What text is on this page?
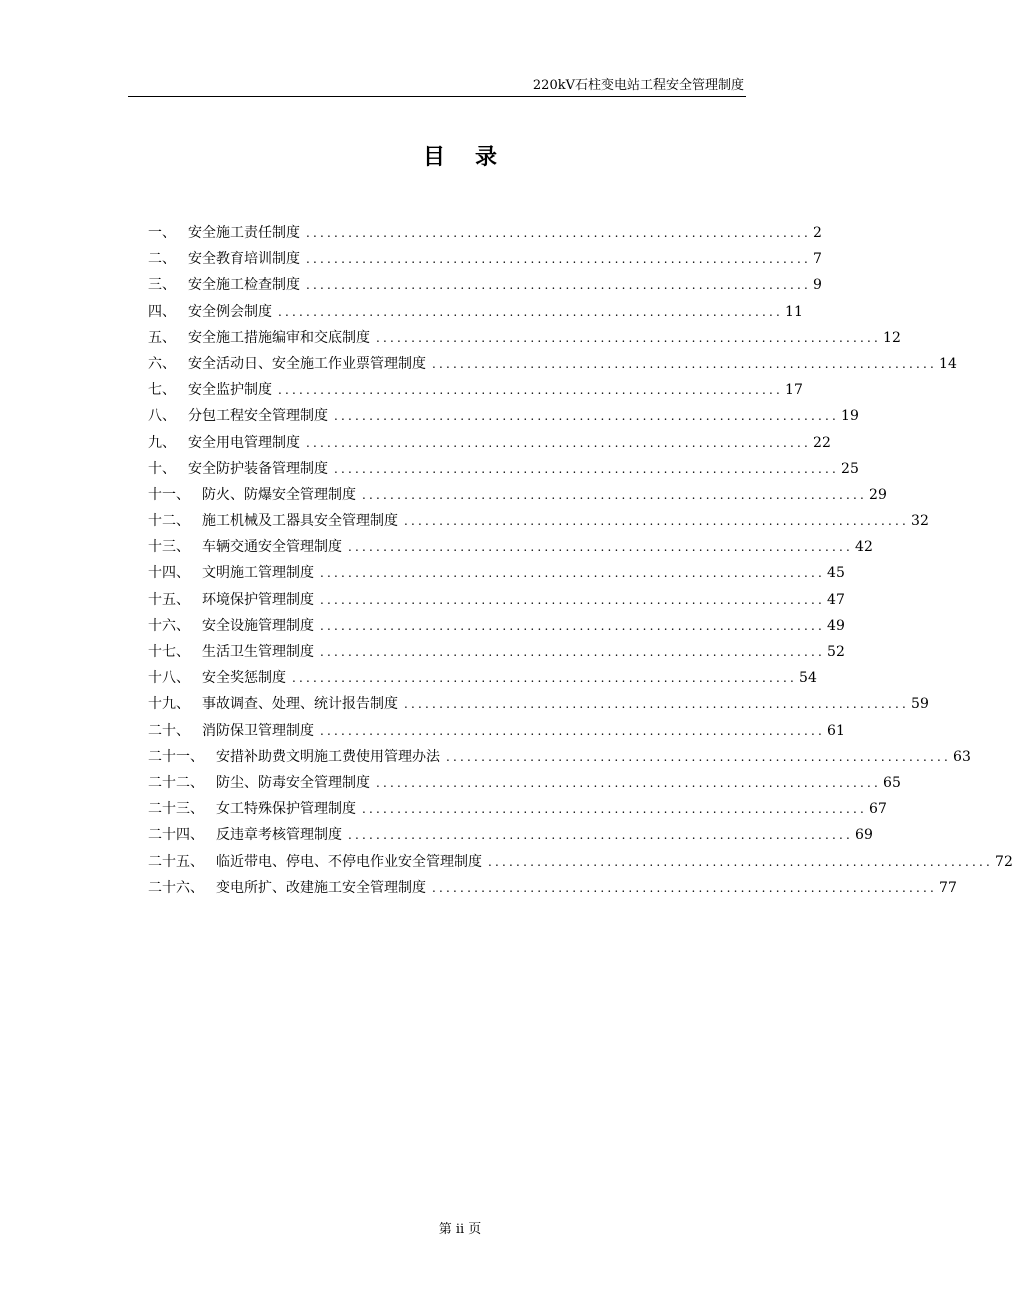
220kV石柱变电站工程安全管理制度
目录
一、 安全施工责任制度 ........................................................................ 2
二、 安全教育培训制度 ........................................................................ 7
三、 安全施工检查制度 ........................................................................ 9
四、 安全例会制度 ........................................................................ 11
五、 安全施工措施编审和交底制度 ........................................................................ 12
六、 安全活动日、安全施工作业票管理制度 ........................................................................ 14
七、 安全监护制度 ........................................................................ 17
八、 分包工程安全管理制度 ........................................................................ 19
九、 安全用电管理制度 ........................................................................ 22
十、 安全防护装备管理制度 ........................................................................ 25
十一、 防火、防爆安全管理制度 ........................................................................ 29
十二、 施工机械及工器具安全管理制度 ........................................................................ 32
十三、 车辆交通安全管理制度 ........................................................................ 42
十四、 文明施工管理制度 ........................................................................ 45
十五、 环境保护管理制度 ........................................................................ 47
十六、 安全设施管理制度 ........................................................................ 49
十七、 生活卫生管理制度 ........................................................................ 52
十八、 安全奖惩制度 ........................................................................ 54
十九、 事故调查、处理、统计报告制度 ........................................................................ 59
二十、 消防保卫管理制度 ........................................................................ 61
二十一、 安措补助费文明施工费使用管理办法 ........................................................................ 63
二十二、 防尘、防毒安全管理制度 ........................................................................ 65
二十三、 女工特殊保护管理制度 ........................................................................ 67
二十四、 反违章考核管理制度 ........................................................................ 69
二十五、 临近带电、停电、不停电作业安全管理制度 ........................................................................ 72
二十六、 变电所扩、改建施工安全管理制度 ........................................................................ 77
第 ii 页
